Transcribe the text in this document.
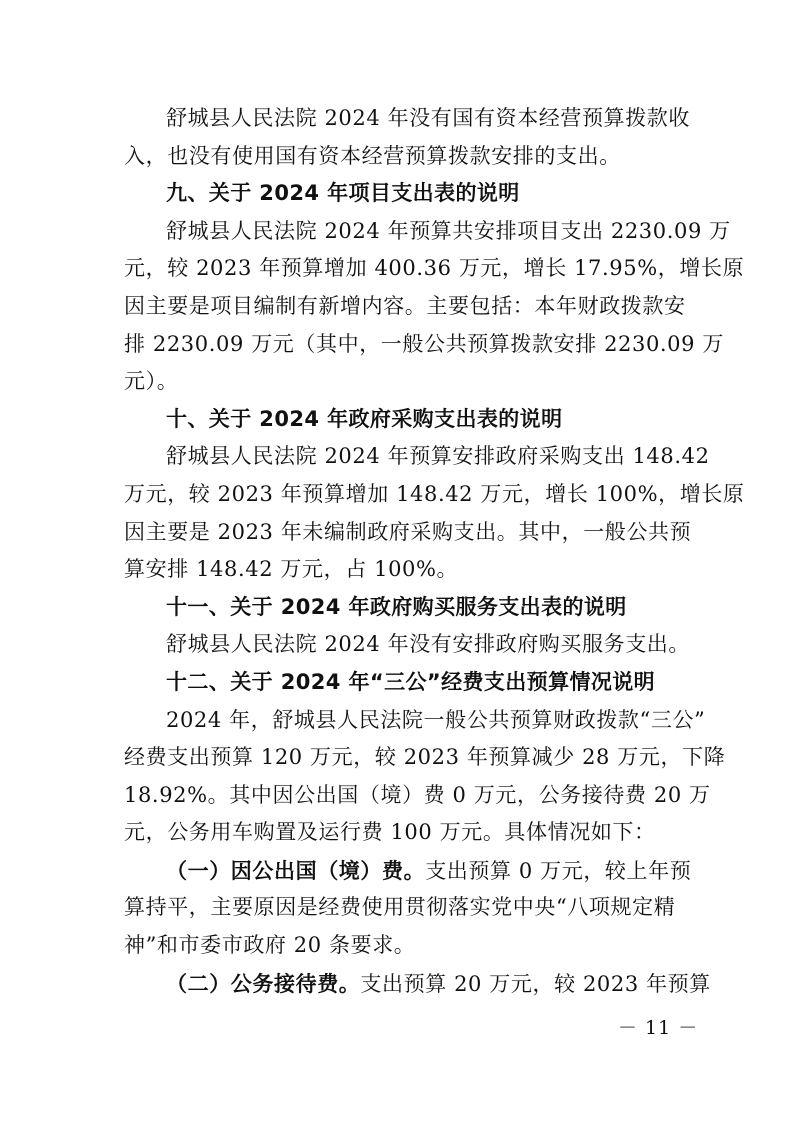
舒城县人民法院 2024 年没有国有资本经营预算拨款收
入，也没有使用国有资本经营预算拨款安排的支出。
九、关于 2024 年项目支出表的说明
舒城县人民法院 2024 年预算共安排项目支出 2230.09 万
元，较 2023 年预算增加 400.36 万元，增长 17.95%，增长原
因主要是项目编制有新增内容。主要包括：本年财政拨款安
排 2230.09 万元（其中，一般公共预算拨款安排 2230.09 万
元）。
十、关于 2024 年政府采购支出表的说明
舒城县人民法院 2024 年预算安排政府采购支出 148.42
万元，较 2023 年预算增加 148.42 万元，增长 100%，增长原
因主要是 2023 年未编制政府采购支出。其中，一般公共预
算安排 148.42 万元，占 100%。
十一、关于 2024 年政府购买服务支出表的说明
舒城县人民法院 2024 年没有安排政府购买服务支出。
十二、关于 2024 年“三公”经费支出预算情况说明
2024 年，舒城县人民法院一般公共预算财政拨款“三公”
经费支出预算 120 万元，较 2023 年预算减少 28 万元，下降
18.92%。其中因公出国（境）费 0 万元，公务接待费 20 万
元，公务用车购置及运行费 100 万元。具体情况如下：
（一）因公出国（境）费。支出预算 0 万元，较上年预
算持平，主要原因是经费使用贯彻落实党中央“八项规定精
神”和市委市政府 20 条要求。
（二）公务接待费。支出预算 20 万元，较 2023 年预算
－ 11 －
